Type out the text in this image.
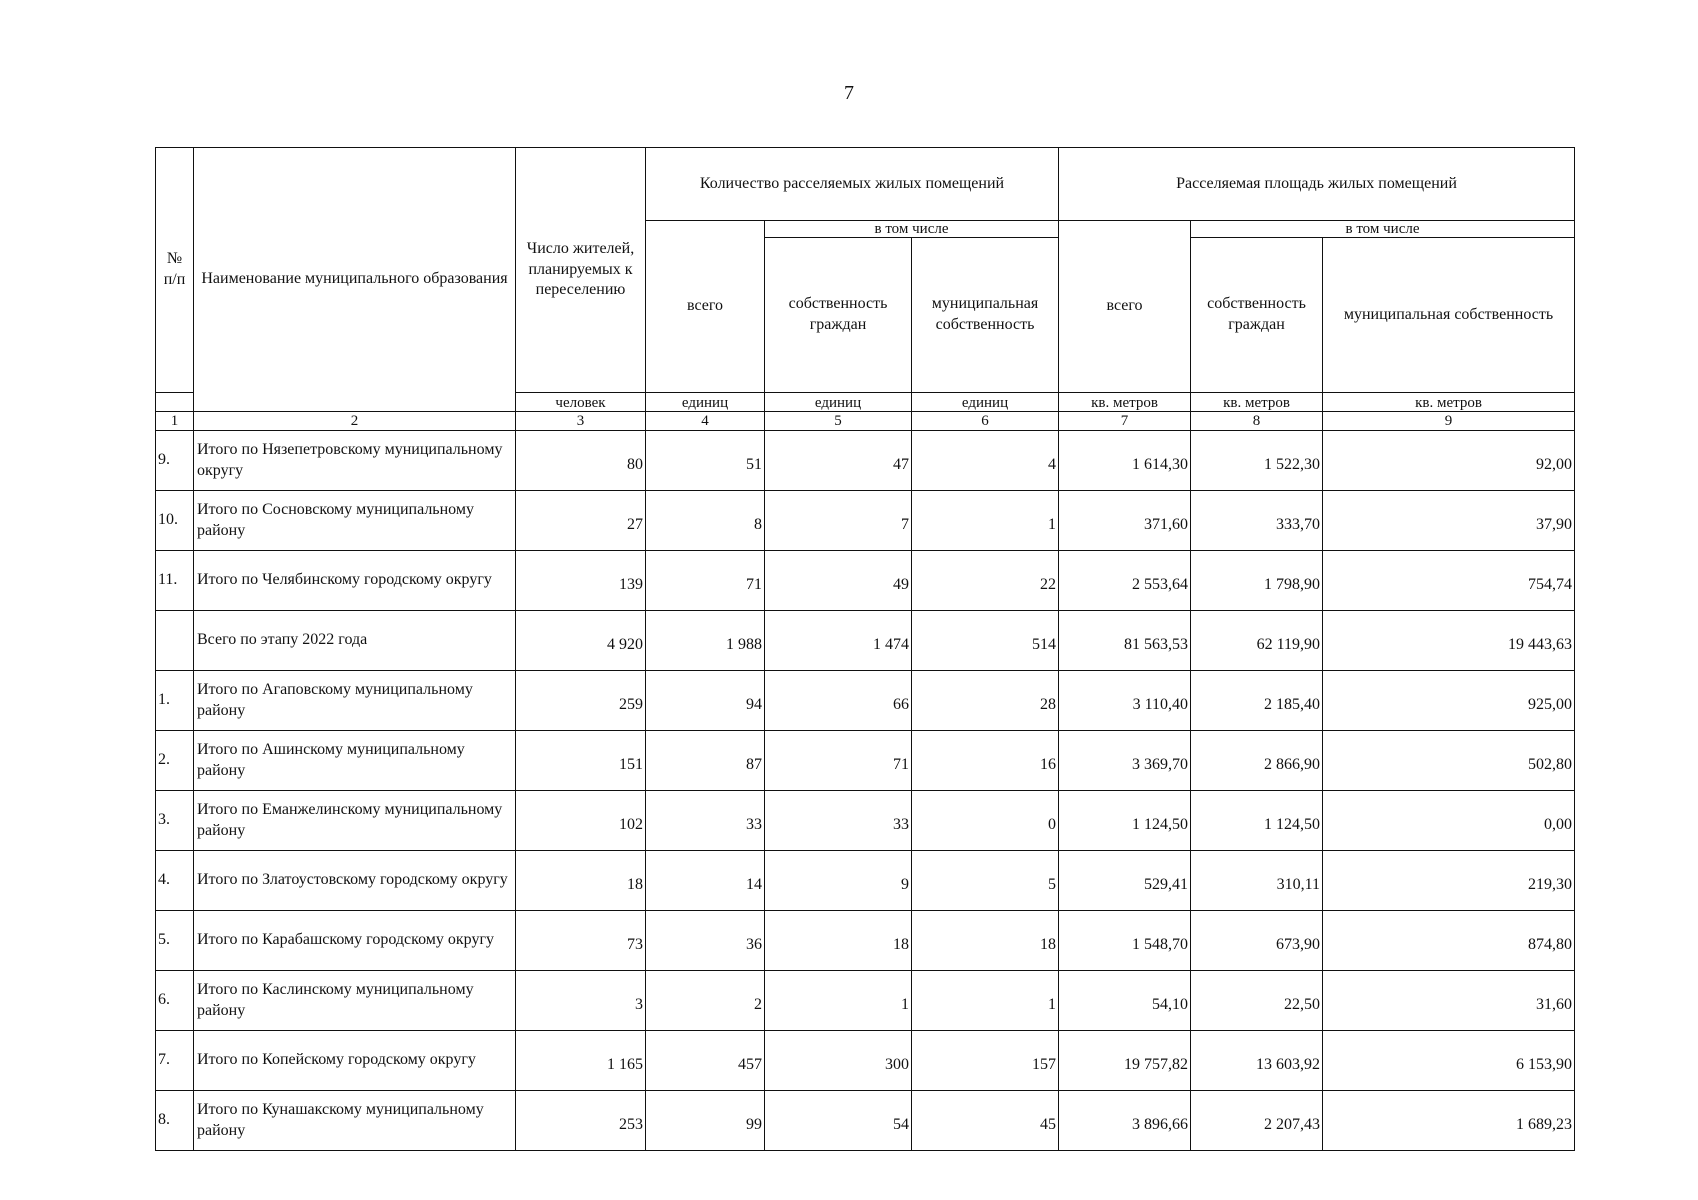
7
№ п/п	Наименование муниципального образования	Число жителей, планируемых к переселению	Количество расселяемых жилых помещений			Расселяемая площадь жилых помещений		
			всего	в том числе		всего	в том числе	
				собственность граждан	муниципальная собственность		собственность граждан	муниципальная собственность
		человек	единиц	единиц	единиц	кв. метров	кв. метров	кв. метров
1	2	3	4	5	6	7	8	9
9.	Итого по Нязепетровскому муниципальному округу	80	51	47	4	1 614,30	1 522,30	92,00
10.	Итого по Сосновскому муниципальному району	27	8	7	1	371,60	333,70	37,90
11.	Итого по Челябинскому городскому округу	139	71	49	22	2 553,64	1 798,90	754,74
	Всего по этапу 2022 года	4 920	1 988	1 474	514	81 563,53	62 119,90	19 443,63
1.	Итого по Агаповскому муниципальному району	259	94	66	28	3 110,40	2 185,40	925,00
2.	Итого по Ашинскому муниципальному району	151	87	71	16	3 369,70	2 866,90	502,80
3.	Итого по Еманжелинскому муниципальному району	102	33	33	0	1 124,50	1 124,50	0,00
4.	Итого по Златоустовскому городскому округу	18	14	9	5	529,41	310,11	219,30
5.	Итого по Карабашскому городскому округу	73	36	18	18	1 548,70	673,90	874,80
6.	Итого по Каслинскому муниципальному району	3	2	1	1	54,10	22,50	31,60
7.	Итого по Копейскому городскому округу	1 165	457	300	157	19 757,82	13 603,92	6 153,90
8.	Итого по Кунашакскому муниципальному району	253	99	54	45	3 896,66	2 207,43	1 689,23
